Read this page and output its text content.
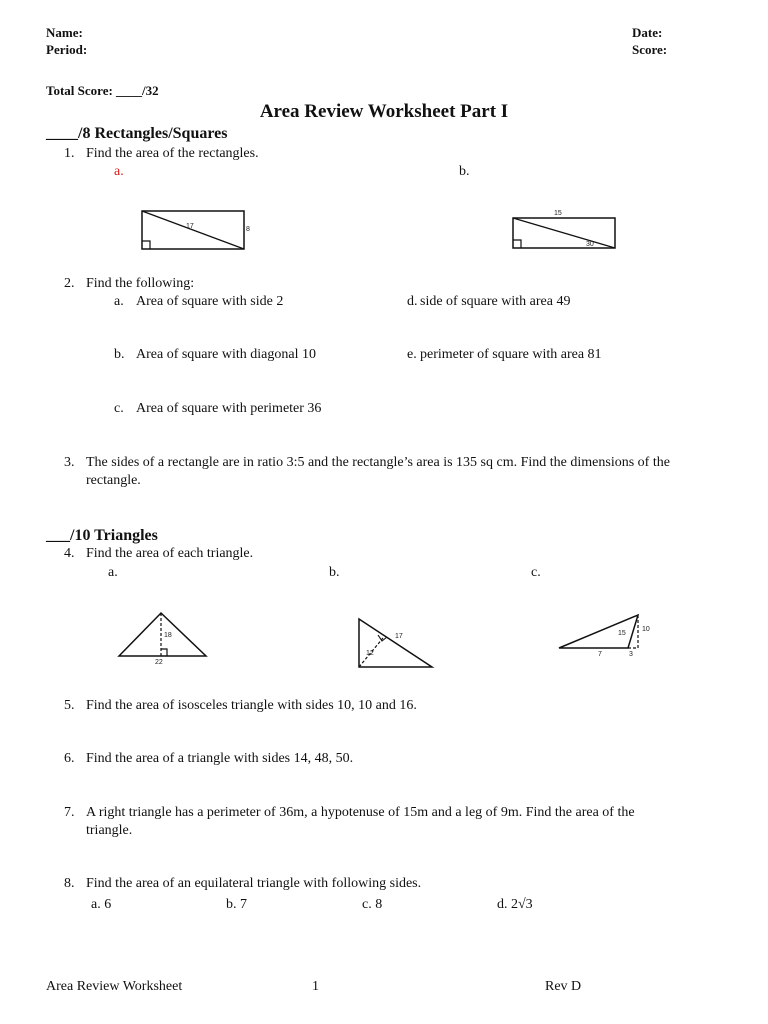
Name:
Period:
Date:
Score:
Total Score: ____/32
Area Review Worksheet Part I
____/8 Rectangles/Squares
1. Find the area of the rectangles.
a.	b.
17	8
15
30
2. Find the following:
a. Area of square with side 2	d. side of square with area 49
b. Area of square with diagonal 10	e. perimeter of square with area 81
c. Area of square with perimeter 36
3. The sides of a rectangle are in ratio 3:5 and the rectangle’s area is 135 sq cm. Find the dimensions of the
rectangle.
___/10 Triangles
4. Find the area of each triangle.
a.	b.	c.
18
22
17
12
15
10
7	3
5. Find the area of isosceles triangle with sides 10, 10 and 16.
6. Find the area of a triangle with sides 14, 48, 50.
7. A right triangle has a perimeter of 36m, a hypotenuse of 15m and a leg of 9m. Find the area of the
triangle.
8. Find the area of an equilateral triangle with following sides.
a. 6	b. 7	c. 8	d. 2√3
Area Review Worksheet	1	Rev D
